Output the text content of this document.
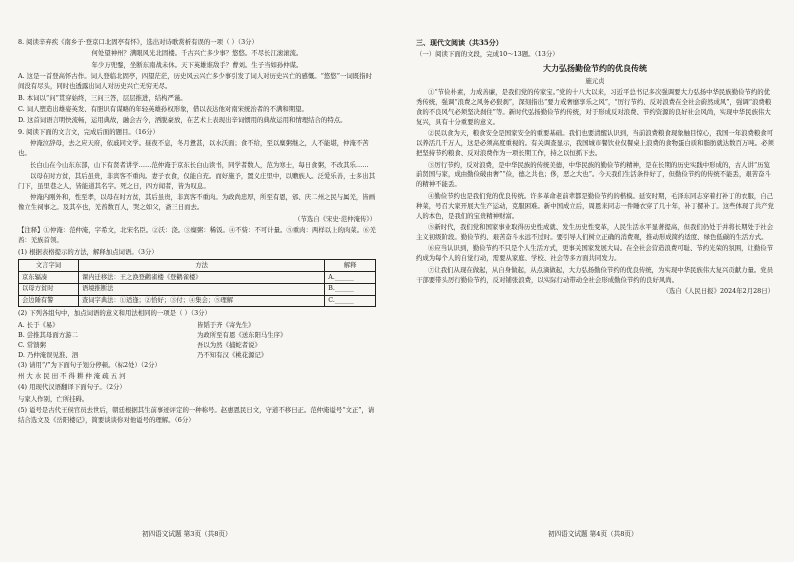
8. 阅读辛弃疾《南乡子·登京口北固亭有怀》，选出对诗歌赏析有误的一项（ ）（3分）

何处望神州？满眼风光北固楼。千古兴亡多少事？悠悠。不尽长江滚滚流。

年少万兜鍪，坐断东南战未休。天下英雄谁敌手？曹刘。生子当如孙仲谋。

A. 这是一首登高怀古作。词人登临北固亭，四望茫茫，历史风云兴亡多少事引发了词人对历史兴亡的感慨。“悠悠”一词既指时间没有尽头，同时也透露出词人对历史兴亡无穷无尽。

B. 本词以“问”贯穿始终，三问三答，层层推进，结构严谨。

C. 词人塑造出雄姿英发、有胆识有谋略的年轻英雄孙权形象，借以表达他对南宋统治者的不满和期望。

D. 这首词语言明快流畅，运用典故，融会古今，洒脱豪放，在艺术上表现出辛词惯用的典故运用和情理结合的特点。

9. 阅读下面的文言文，完成后面的题目。（16分）

仲淹泣辞母，去之应天府，依戚同文学。昼夜不息，冬月惫甚，以水沃面；食不给，至以糜粥继之，人不能堪，仲淹不苦也。

长白山在今山东东部，山下有贤者讲学……范仲淹于京东长白山读书，同学者数人，范为寒士，每日食粥，不改其乐……

以母在时方贫，其后虽贵，非宾客不重肉。妻子衣食，仅能自充。而好施予，置义庄里中，以赡族人。泛爱乐善，士多出其门下，虽里巷之人，皆能道其名字。死之日，四方闻者，皆为叹息。

仲淹内刚外和，性至孝，以母在时方贫，其后虽贵，非宾客不重肉。为政尚忠厚，所至有恩，邠、庆二州之民与属羌，皆画像立生祠事之。及其卒也，羌酋数百人，哭之如父，斋三日而去。

（节选自《宋史·范仲淹传》）

【注释】①仲淹：范仲淹，字希文，北宋名臣。②沃：浇。③糜粥：稀饭。④不赀：不可计量。⑤重肉：两样以上的肉菜。⑥羌酋：羌族首领。

(1) 根据表格提示的方法，解释加点词语。（3分）

文言字词	方法	解释
京东辐凑	课内迁移法：王之涣登鹳雀楼《登鹳雀楼》	A.______
以母方贫时	语境推断法	B.______
会边陲有警	查词字典法：①适逢；②恰好；③付；④集会；⑤理解	C.______

(2) 下列各组句中，加点词语的意义和用法相同的一项是（ ）（3分）

A. 长于《易》	皆韬于齐《寄先生》
B. 尝推其母面方游二	为政所至有恩《送东阳马生序》
C. 常馈粥	吾以为然《捕蛇者说》
D. 乃仲淹误见淮、泗	乃不知有汉《桃花源记》

(3) 请用“/”为下面句子划分停顿。（标2处）（2分）

州 大 水 民 田 不 得 耕 仲 淹 疏 五 河

(4) 用现代汉语翻译下面句子。（2分）

与家人作别，亡所挂碍。

(5) 谥号是古代王侯官员去世后，朝廷根据其生前事迹评定的一种称号。赵惠恩民日文，守道不移曰正。范仲淹谥号“文正”，请结合选文及《岳阳楼记》，简要谈谈你对他谥号的理解。（6分）

三、现代文阅读（共35分）

（一）阅读下面的文段，完成10～13题。（13分）

大力弘扬勤俭节约的优良传统

施元贞

①“节俭朴素，力成善廉，是我们党的传家宝。”党的十八大以来，习近平总书记多次强调要大力弘扬中华民族勤俭节约的优秀传统，强调“浪费之风务必狠刹”，深刻指出“要力戒奢靡享乐之风”，“厉行节约、反对浪费在全社会蔚然成风”，强调“浪费粮食的不良风气必须坚决刹住”等。新时代弘扬勤俭节约传统，对于形成反对浪费、节约资源的良好社会风尚，实现中华民族伟大复兴，具有十分重要的意义。

②民以食为天，粮食安全是国家安全的重要基础。我们也要清醒认识到，当前浪费粮食现象触目惊心，我国一年浪费粮食可以养活几千万人，这是必须高度重视的。有关调查显示，我国城市餐饮业仅餐桌上浪费的食物蛋白质和脂肪就达数百万吨。必须把坚持节约粮食、反对浪费作为一项长期工作，持之以恒抓下去。

③厉行节约，反对浪费，是中华民族的传统美德，中华民族的勤俭节约精神，是在长期的历史实践中形成的，古人讲“历览前贤国与家，成由勤俭破由奢”“俭，德之共也；侈，恶之大也”。今天我们生活条件好了，但勤俭节约的传统不能丢，艰苦奋斗的精神不能丢。

④勤俭节约也是我们党的优良传统。许多革命老前辈都是勤俭节约的楷模。延安时期，毛泽东同志穿着打补丁的衣服，自己种菜，号召大家开展大生产运动，克服困难。新中国成立后，周恩来同志一件睡衣穿了几十年，补丁摞补丁。这些体现了共产党人的本色，是我们的宝贵精神财富。

⑤新时代，我们党和国家事业取得历史性成就、发生历史性变革，人民生活水平显著提高，但我们仍处于并将长期处于社会主义初级阶段。勤俭节约、艰苦奋斗永远不过时。要引导人们树立正确的消费观，推动形成简约适度、绿色低碳的生活方式。

⑥应当认识到，勤俭节约不只是个人生活方式，更事关国家发展大局。在全社会营造浪费可耻、节约光荣的氛围，让勤俭节约成为每个人的自觉行动，需要从家庭、学校、社会等多方面共同发力。

⑦让我们从现在做起，从自身做起，从点滴做起，大力弘扬勤俭节约的优良传统，为实现中华民族伟大复兴贡献力量。党员干部要带头厉行勤俭节约，反对铺张浪费，以实际行动带动全社会形成勤俭节约的良好风尚。

（选自《人民日报》2024年2月28日）

初四语文试题 第3页（共8页）	初四语文试题 第4页（共8页）
